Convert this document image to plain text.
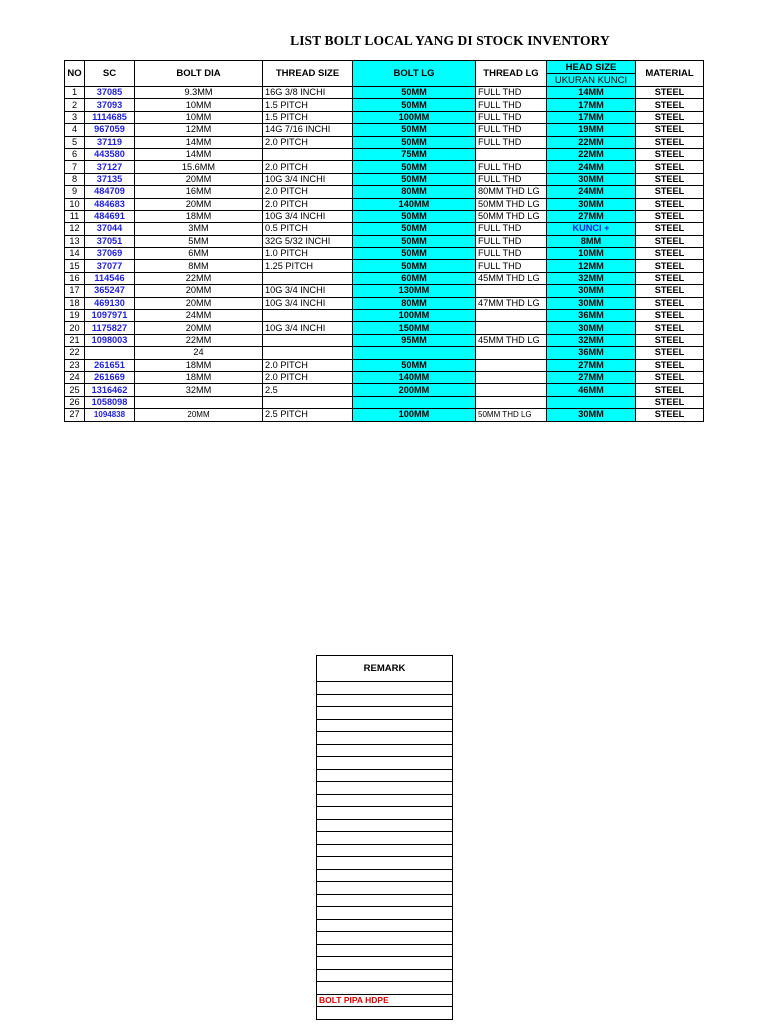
LIST BOLT LOCAL YANG DI STOCK INVENTORY
NO	SC	BOLT DIA	THREAD SIZE	BOLT LG	THREAD LG	HEAD SIZE	MATERIAL
						UKURAN KUNCI	
1	37085	9.3MM	16G 3/8 INCHI	50MM	FULL THD	14MM	STEEL
2	37093	10MM	1.5 PITCH	50MM	FULL THD	17MM	STEEL
3	1114685	10MM	1.5 PITCH	100MM	FULL THD	17MM	STEEL
4	967059	12MM	14G 7/16 INCHI	50MM	FULL THD	19MM	STEEL
5	37119	14MM	2.0 PITCH	50MM	FULL THD	22MM	STEEL
6	443580	14MM		75MM		22MM	STEEL
7	37127	15.6MM	2.0 PITCH	50MM	FULL THD	24MM	STEEL
8	37135	20MM	10G 3/4 INCHI	50MM	FULL THD	30MM	STEEL
9	484709	16MM	2.0 PITCH	80MM	80MM THD LG	24MM	STEEL
10	484683	20MM	2.0 PITCH	140MM	50MM THD LG	30MM	STEEL
11	484691	18MM	10G 3/4 INCHI	50MM	50MM THD LG	27MM	STEEL
12	37044	3MM	0.5 PITCH	50MM	FULL THD	KUNCI +	STEEL
13	37051	5MM	32G 5/32 INCHI	50MM	FULL THD	8MM	STEEL
14	37069	6MM	1.0 PITCH	50MM	FULL THD	10MM	STEEL
15	37077	8MM	1.25 PITCH	50MM	FULL THD	12MM	STEEL
16	114546	22MM		60MM	45MM THD LG	32MM	STEEL
17	365247	20MM	10G 3/4 INCHI	130MM		30MM	STEEL
18	469130	20MM	10G 3/4 INCHI	80MM	47MM THD LG	30MM	STEEL
19	1097971	24MM		100MM		36MM	STEEL
20	1175827	20MM	10G 3/4 INCHI	150MM		30MM	STEEL
21	1098003	22MM		95MM	45MM THD LG	32MM	STEEL
22		24				36MM	STEEL
23	261651	18MM	2.0 PITCH	50MM		27MM	STEEL
24	261669	18MM	2.0 PITCH	140MM		27MM	STEEL
25	1316462	32MM	2.5	200MM		46MM	STEEL
26	1058098						STEEL
27	1094838	20MM	2.5 PITCH	100MM	50MM THD LG	30MM	STEEL
REMARK

BOLT PIPA HDPE
